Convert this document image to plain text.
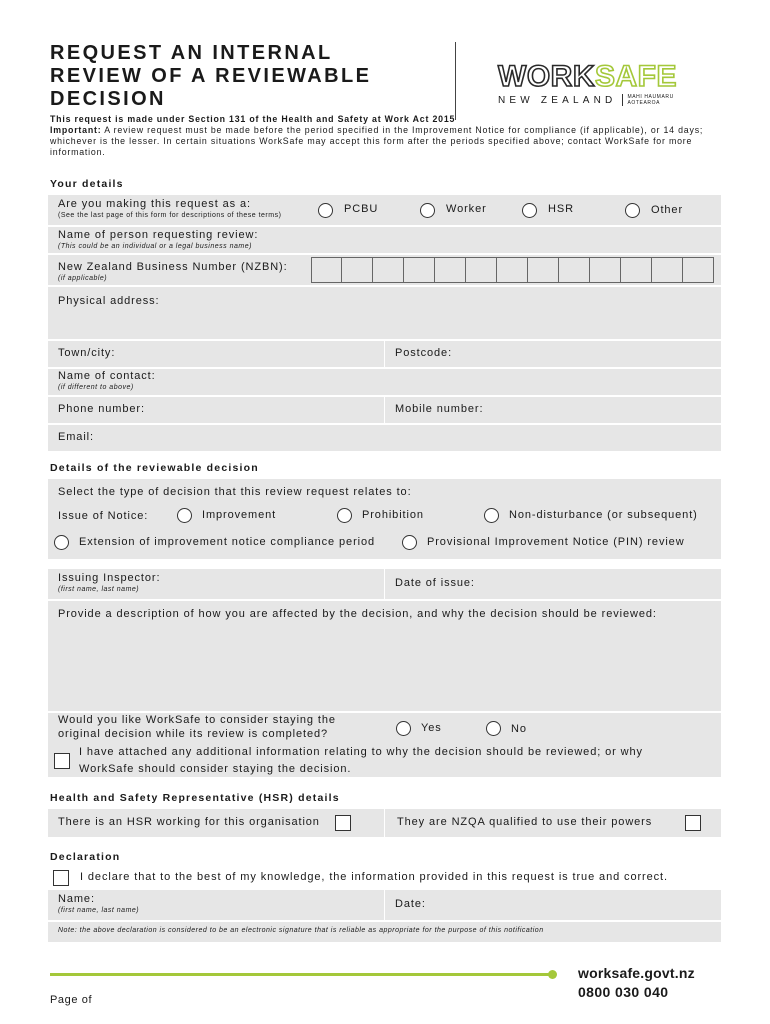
REQUEST AN INTERNAL
REVIEW OF A REVIEWABLE
DECISION
WORKSAFE
NEW ZEALAND	MAHI HAUMARU
AOTEAROA
This request is made under Section 131 of the Health and Safety at Work Act 2015
Important: A review request must be made before the period specified in the Improvement Notice for compliance (if applicable), or 14 days; whichever is the lesser. In certain situations WorkSafe may accept this form after the periods specified above; contact WorkSafe for more information.
Your details
Are you making this request as a:
(See the last page of this form for descriptions of these terms)
PCBU	Worker	HSR	Other
Name of person requesting review:
(This could be an individual or a legal business name)
New Zealand Business Number (NZBN):
(if applicable)
Physical address:
Town/city:	Postcode:
Name of contact:
(if different to above)
Phone number:	Mobile number:
Email:
Details of the reviewable decision
Select the type of decision that this review request relates to:
Issue of Notice:	Improvement	Prohibition	Non-disturbance (or subsequent)
Extension of improvement notice compliance period	Provisional Improvement Notice (PIN) review
Issuing Inspector:
(first name, last name)
Date of issue:
Provide a description of how you are affected by the decision, and why the decision should be reviewed:
Would you like WorkSafe to consider staying the
original decision while its review is completed?	Yes	No
I have attached any additional information relating to why the decision should be reviewed; or why
WorkSafe should consider staying the decision.
Health and Safety Representative (HSR) details
There is an HSR working for this organisation	They are NZQA qualified to use their powers
Declaration
I declare that to the best of my knowledge, the information provided in this request is true and correct.
Name:
(first name, last name)
Date:
Note: the above declaration is considered to be an electronic signature that is reliable as appropriate for the purpose of this notification
worksafe.govt.nz
0800 030 040
Page of
